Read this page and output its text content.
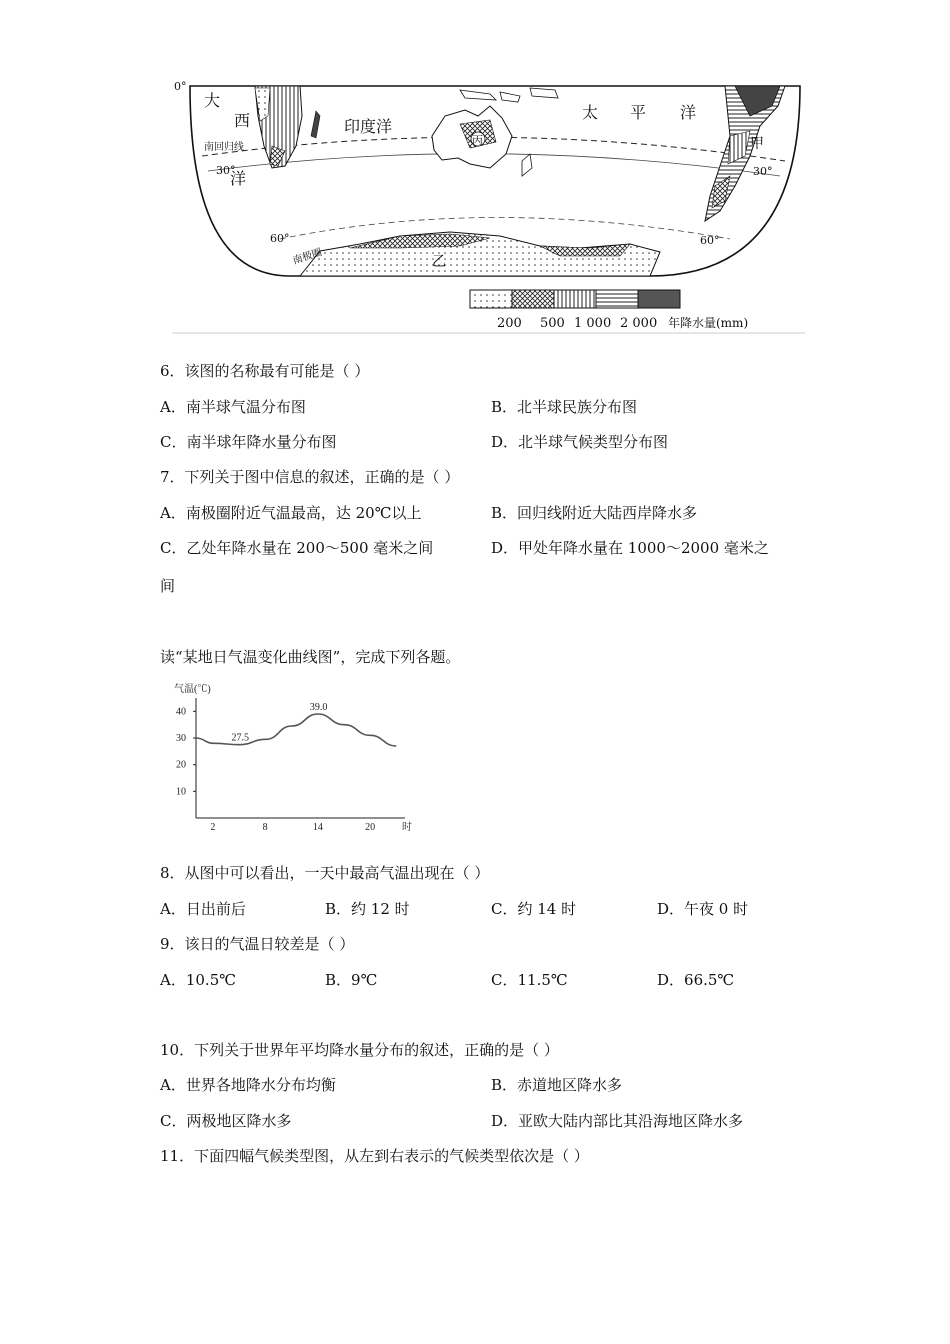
丙
0°
南回归线
30°	30°
60°	60°
南极圈
大
西
洋
印度洋
太 平 洋
甲
乙
200 500 1 000 2 000 年降水量(mm)
6．该图的名称最有可能是（ ）
A．南半球气温分布图	B．北半球民族分布图
C．南半球年降水量分布图	D．北半球气候类型分布图
7．下列关于图中信息的叙述，正确的是（ ）
A．南极圈附近气温最高，达 20℃以上	B．回归线附近大陆西岸降水多
C．乙处年降水量在 200～500 毫米之间	D．甲处年降水量在 1000～2000 毫米之
间
读“某地日气温变化曲线图”，完成下列各题。
气温(℃)
时
10
20
30
40
2	8	14	20
27.5
39.0
8．从图中可以看出，一天中最高气温出现在（ ）
A．日出前后	B．约 12 时	C．约 14 时	D．午夜 0 时
9．该日的气温日较差是（ ）
A．10.5℃	B．9℃	C．11.5℃	D．66.5℃
10．下列关于世界年平均降水量分布的叙述，正确的是（ ）
A．世界各地降水分布均衡	B．赤道地区降水多
C．两极地区降水多	D．亚欧大陆内部比其沿海地区降水多
11．下面四幅气候类型图，从左到右表示的气候类型依次是（ ）
